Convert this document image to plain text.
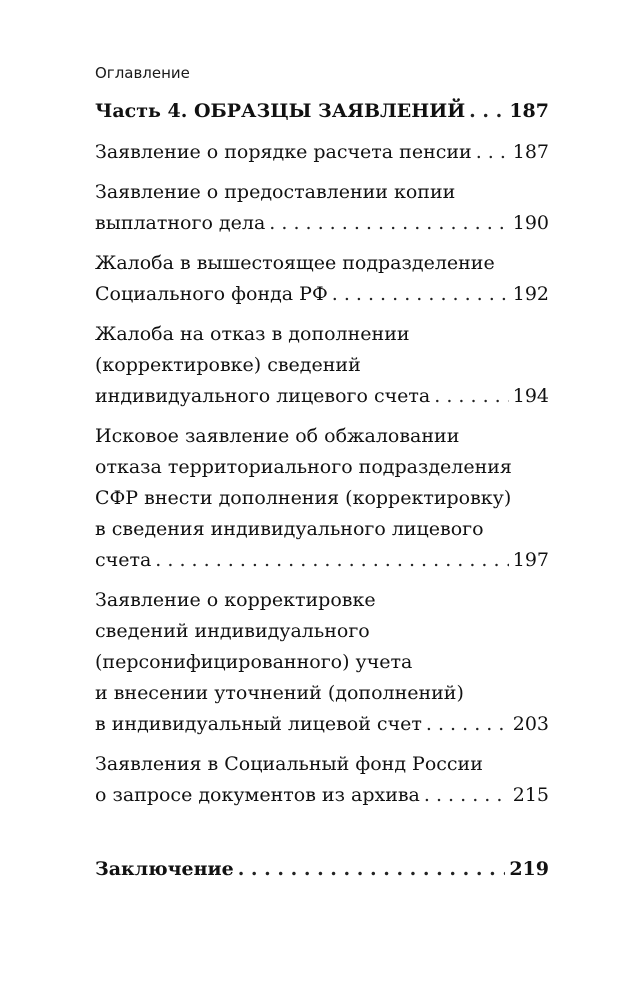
Оглавление
Часть 4. ОБРАЗЦЫ ЗАЯВЛЕНИЙ . . . 187
Заявление о порядке расчета пенсии . . . 187
Заявление о предоставлении копии
выплатного дела . . .	190
Жалоба в вышестоящее подразделение
Социального фонда РФ . . .	192
Жалоба на отказ в дополнении
(корректировке) сведений
индивидуального лицевого счета . . .	194
Исковое заявление об обжаловании
отказа территориального подразделения
СФР внести дополнения (корректировку)
в сведения индивидуального лицевого
счета . . .	197
Заявление о корректировке
сведений индивидуального
(персонифицированного) учета
и внесении уточнений (дополнений)
в индивидуальный лицевой счет . . .	203
Заявления в Социальный фонд России
о запросе документов из архива . . .	215
Заключение . . .	219
